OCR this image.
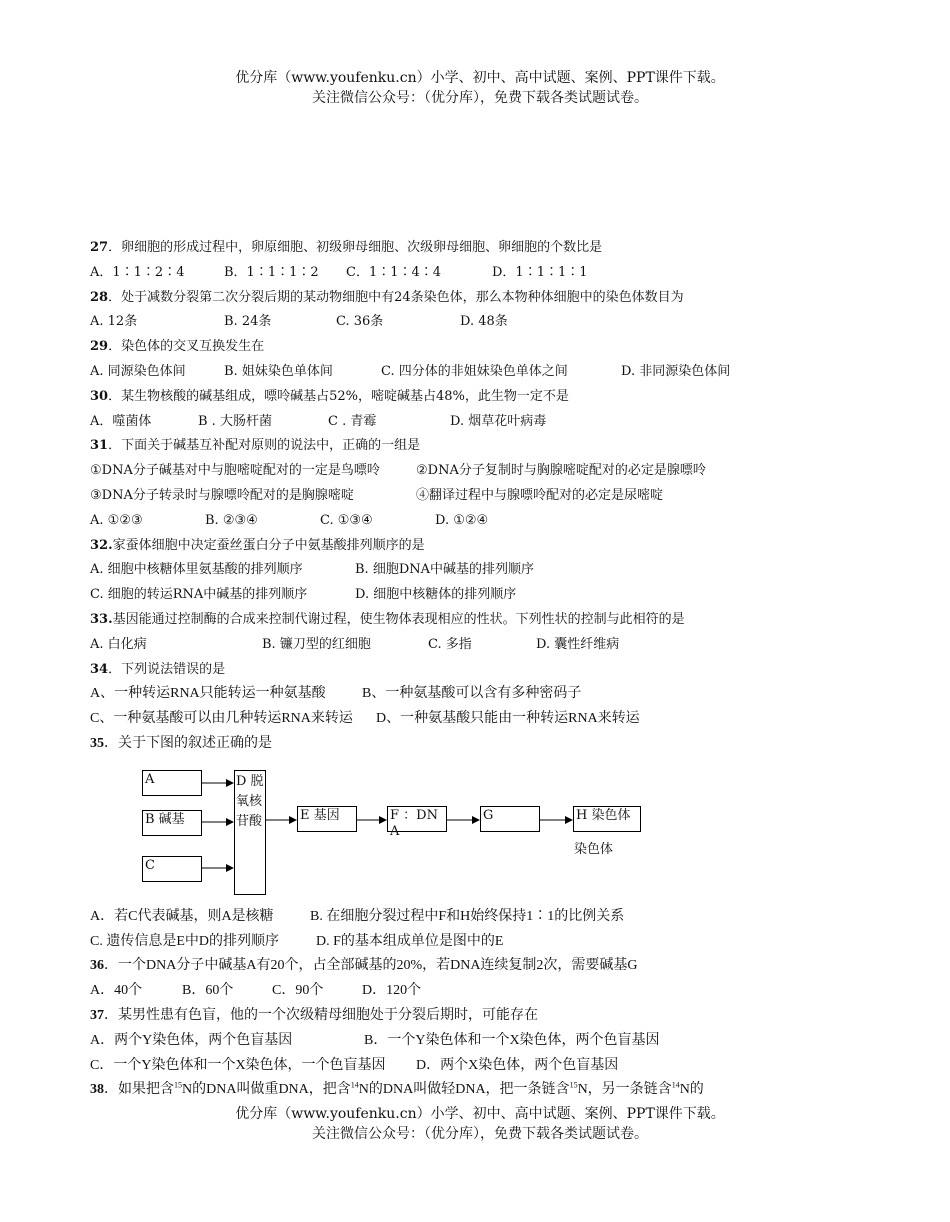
优分库（www.youfenku.cn）小学、初中、高中试题、案例、PPT课件下载。
关注微信公众号：（优分库），免费下载各类试题试卷。
27．卵细胞的形成过程中，卵原细胞、初级卵母细胞、次级卵母细胞、卵细胞的个数比是
A．1∶1∶2∶4	B．1∶1∶1∶2 C．1∶1∶4∶4	D．1∶1∶1∶1
28．处于减数分裂第二次分裂后期的某动物细胞中有24条染色体，那么本物种体细胞中的染色体数目为
A. 12条	B. 24条	C. 36条	D. 48条
29．染色体的交叉互换发生在
A. 同源染色体间	B. 姐妹染色单体间	C. 四分体的非姐妹染色单体之间	D. 非同源染色体间
30．某生物核酸的碱基组成，嘌呤碱基占52%，嘧啶碱基占48%，此生物一定不是
A．噬菌体	B . 大肠杆菌	C . 青霉	D. 烟草花叶病毒
31．下面关于碱基互补配对原则的说法中，正确的一组是
①DNA分子碱基对中与胞嘧啶配对的一定是鸟嘌呤	②DNA分子复制时与胸腺嘧啶配对的必定是腺嘌呤
③DNA分子转录时与腺嘌呤配对的是胸腺嘧啶	④翻译过程中与腺嘌呤配对的必定是尿嘧啶
A. ①②③	B. ②③④	C. ①③④	D. ①②④
32.家蚕体细胞中决定蚕丝蛋白分子中氨基酸排列顺序的是
A. 细胞中核糖体里氨基酸的排列顺序	B. 细胞DNA中碱基的排列顺序
C. 细胞的转运RNA中碱基的排列顺序	D. 细胞中核糖体的排列顺序
33.基因能通过控制酶的合成来控制代谢过程，使生物体表现相应的性状。下列性状的控制与此相符的是
A. 白化病	B. 镰刀型的红细胞	C. 多指	D. 囊性纤维病
34．下列说法错误的是
A、一种转运RNA只能转运一种氨基酸	B、一种氨基酸可以含有多种密码子
C、一种氨基酸可以由几种转运RNA来转运 D、一种氨基酸只能由一种转运RNA来转运
35．关于下图的叙述正确的是
A．若C代表碱基，则A是核糖	B. 在细胞分裂过程中F和H始终保持1∶1的比例关系
C. 遗传信息是E中D的排列顺序	D. F的基本组成单位是图中的E
36．一个DNA分子中碱基A有20个，占全部碱基的20%，若DNA连续复制2次，需要碱基G
A．40个	B．60个	C．90个	D．120个
37．某男性患有色盲，他的一个次级精母细胞处于分裂后期时，可能存在
A．两个Y染色体，两个色盲基因	B．一个Y染色体和一个X染色体，两个色盲基因
C．一个Y染色体和一个X染色体，一个色盲基因 D．两个X染色体，两个色盲基因
38．如果把含$^{15}$N的DNA叫做重DNA，把含$^{14}$N的DNA叫做轻DNA，把一条链含$^{15}$N，另一条链含$^{14}$N的
A
B 碱基
C
D 脱氧核苷酸	E 基因	F ：DNA
G	H 染色体
染色体
优分库（www.youfenku.cn）小学、初中、高中试题、案例、PPT课件下载。
关注微信公众号：（优分库），免费下载各类试题试卷。
